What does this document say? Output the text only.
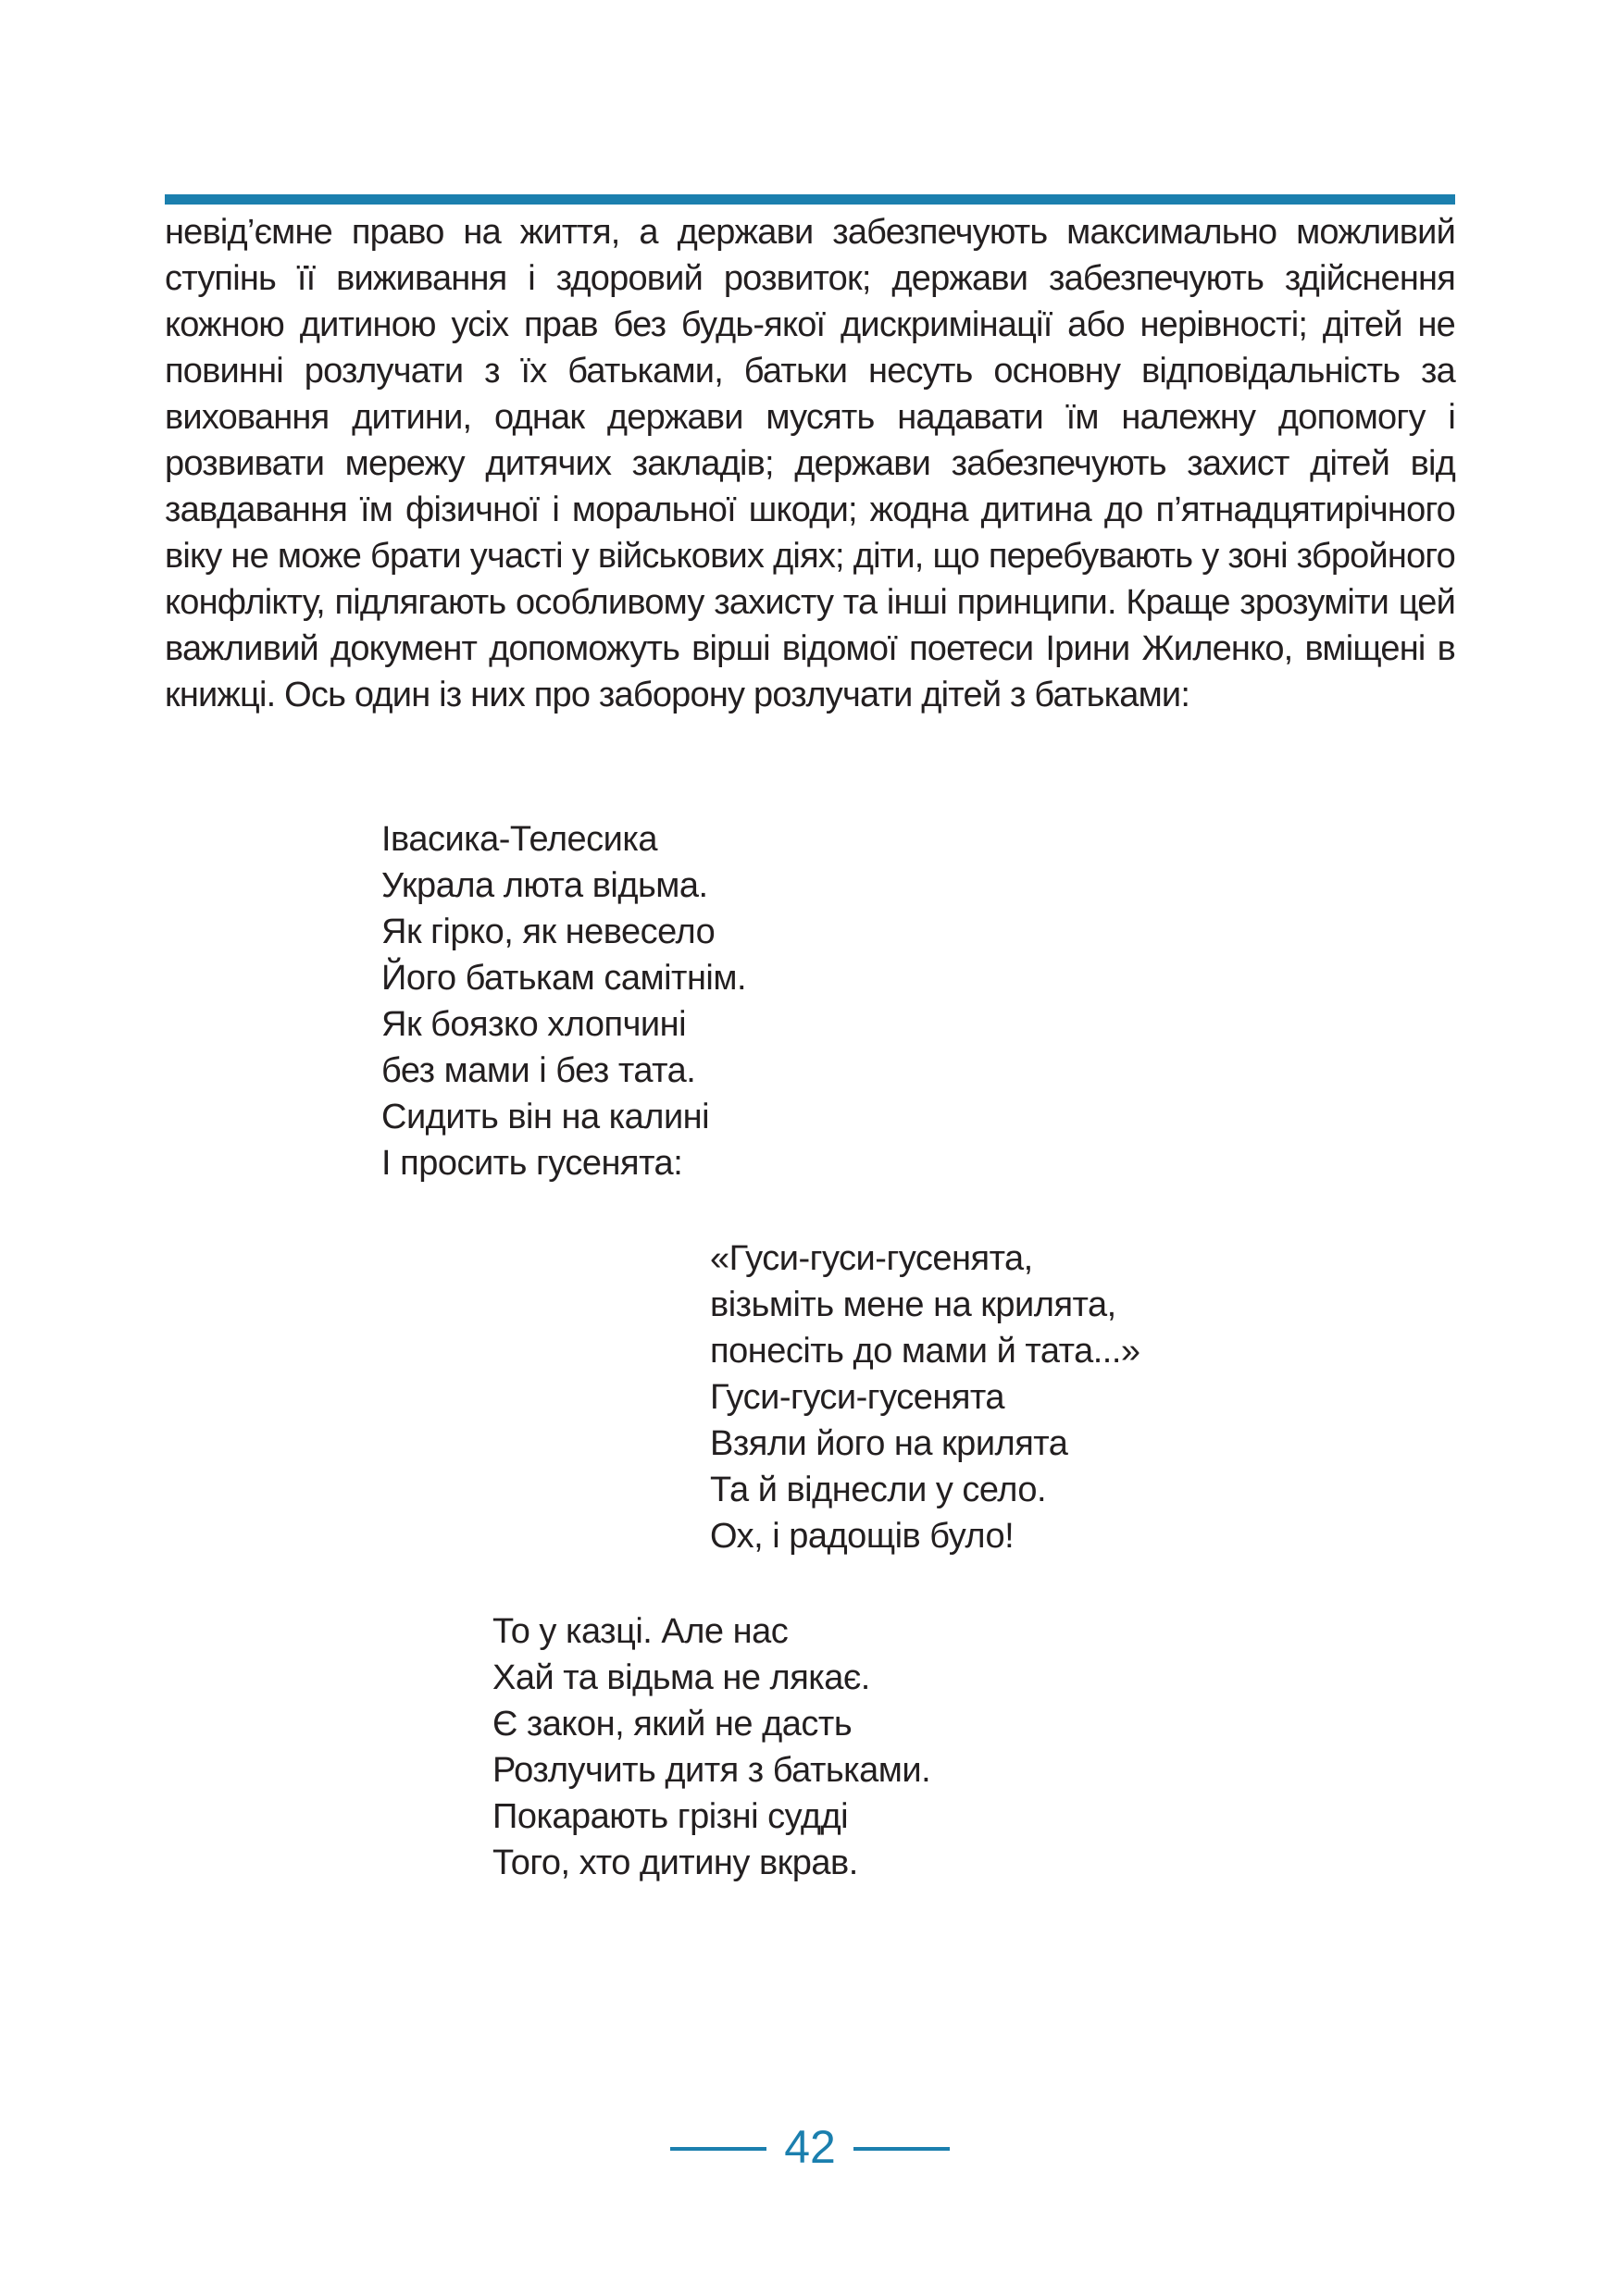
невід’ємне право на життя, а держави забезпечують максимально можливий ступінь її виживання і здоровий розвиток; держави забезпечують здійснення кожною дитиною усіх прав без будь-якої дискримінації або нерівності; дітей не повинні розлучати з їх батьками, батьки несуть основну відповідальність за виховання дитини, однак держави мусять надавати їм належну допомогу і розвивати мережу дитячих закладів; держави забезпечують захист дітей від завдавання їм фізичної і моральної шкоди; жодна дитина до п’ятнадцятирічного віку не може брати участі у військових діях; діти, що перебувають у зоні збройного конфлікту, підлягають особливому захисту та інші принципи. Краще зрозуміти цей важливий документ допоможуть вірші відомої поетеси Ірини Жиленко, вміщені в книжці. Ось один із них про заборону розлучати дітей з батьками:

Івасика-Телесика
Украла люта відьма.
Як гірко, як невесело
Його батькам самітнім.
Як боязко хлопчині
без мами і без тата.
Сидить він на калині
І просить гусенята:
«Гуси-гуси-гусенята,
візьміть мене на крилята,
понесіть до мами й тата...»
Гуси-гуси-гусенята
Взяли його на крилята
Та й віднесли у село.
Ох, і радощів було!
То у казці. Але нас
Хай та відьма не лякає.
Є закон, який не дасть
Розлучить дитя з батьками.
Покарають грізні судді
Того, хто дитину вкрав.
42
